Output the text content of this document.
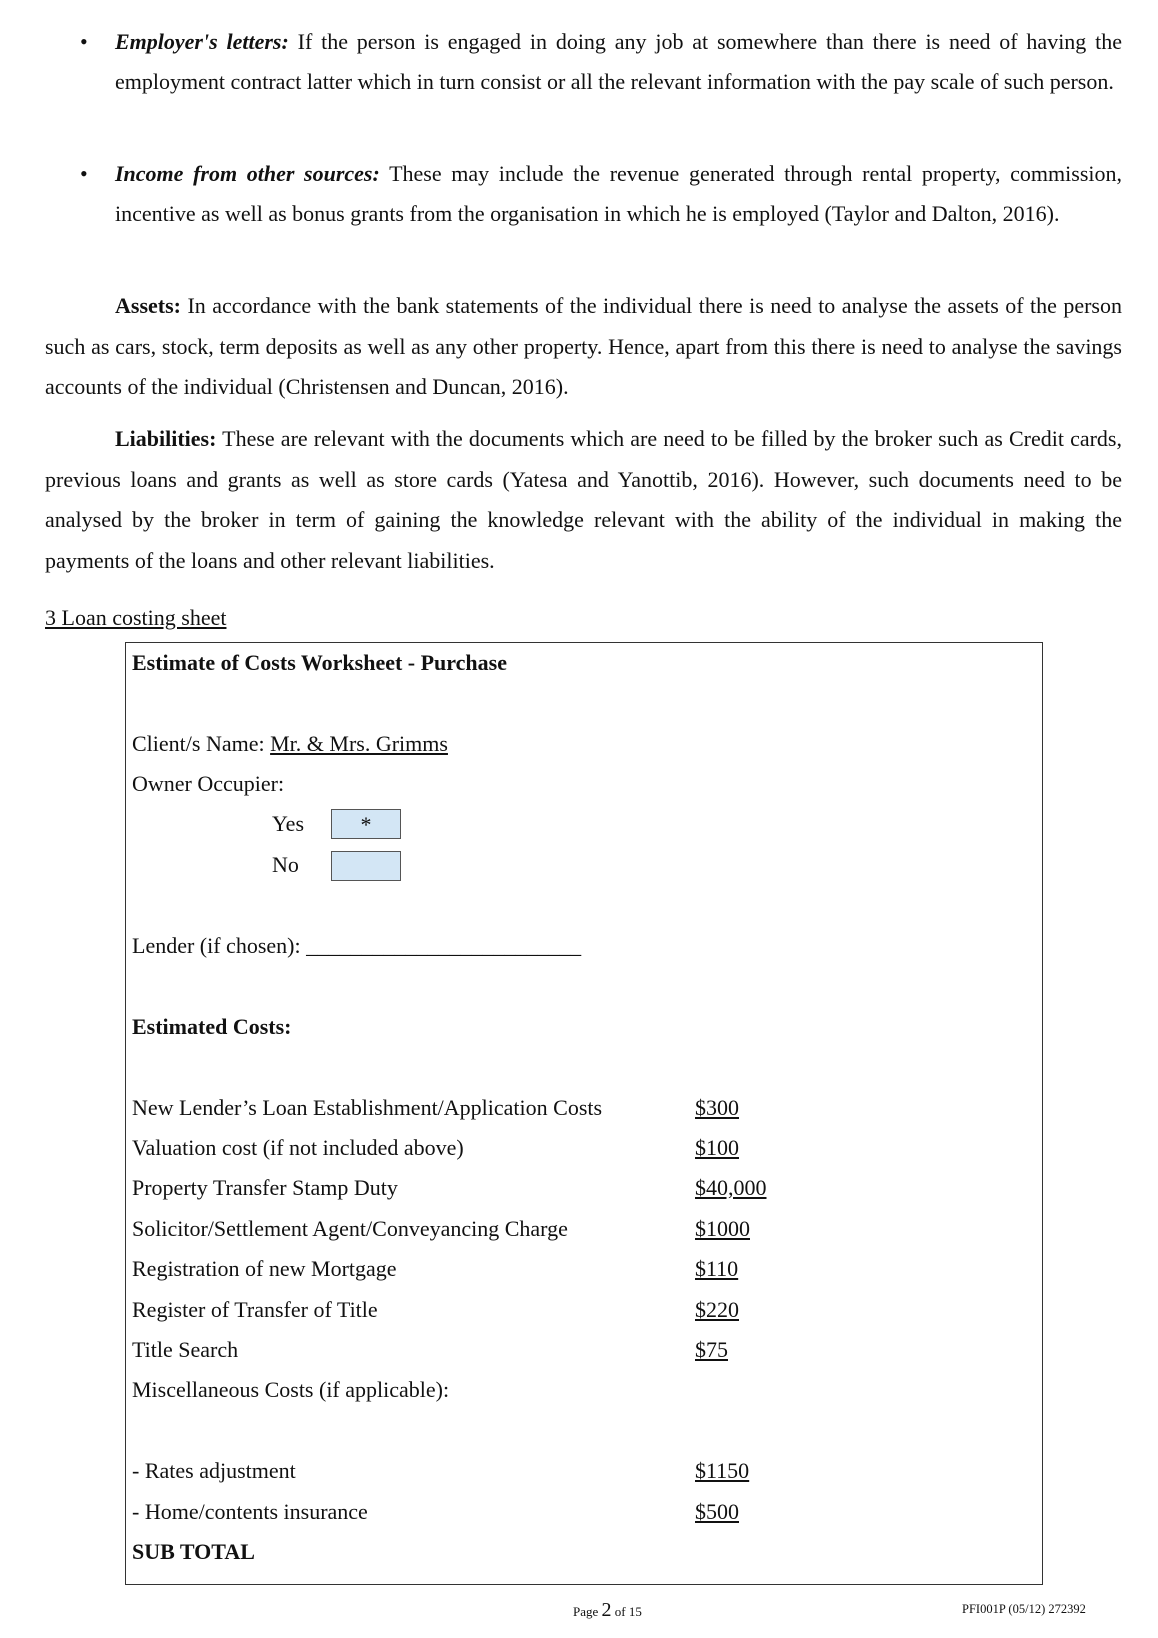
• Employer's letters: If the person is engaged in doing any job at somewhere than there is need of having the employment contract latter which in turn consist or all the relevant information with the pay scale of such person.
• Income from other sources: These may include the revenue generated through rental property, commission, incentive as well as bonus grants from the organisation in which he is employed (Taylor and Dalton, 2016).
Assets: In accordance with the bank statements of the individual there is need to analyse the assets of the person such as cars, stock, term deposits as well as any other property. Hence, apart from this there is need to analyse the savings accounts of the individual (Christensen and Duncan, 2016).
Liabilities: These are relevant with the documents which are need to be filled by the broker such as Credit cards, previous loans and grants as well as store cards (Yatesa and Yanottib, 2016). However, such documents need to be analysed by the broker in term of gaining the knowledge relevant with the ability of the individual in making the payments of the loans and other relevant liabilities.
3 Loan costing sheet
Estimate of Costs Worksheet - Purchase
Client/s Name: Mr. & Mrs. Grimms
Owner Occupier:
Yes	*
No
Lender (if chosen): _________________________
Estimated Costs:
New Lender’s Loan Establishment/Application Costs	$300
Valuation cost (if not included above)	$100
Property Transfer Stamp Duty	$40,000
Solicitor/Settlement Agent/Conveyancing Charge	$1000
Registration of new Mortgage	$110
Register of Transfer of Title	$220
Title Search	$75
Miscellaneous Costs (if applicable):
- Rates adjustment	$1150
- Home/contents insurance	$500
SUB TOTAL
Page 2 of 15	PFI001P (05/12) 272392
